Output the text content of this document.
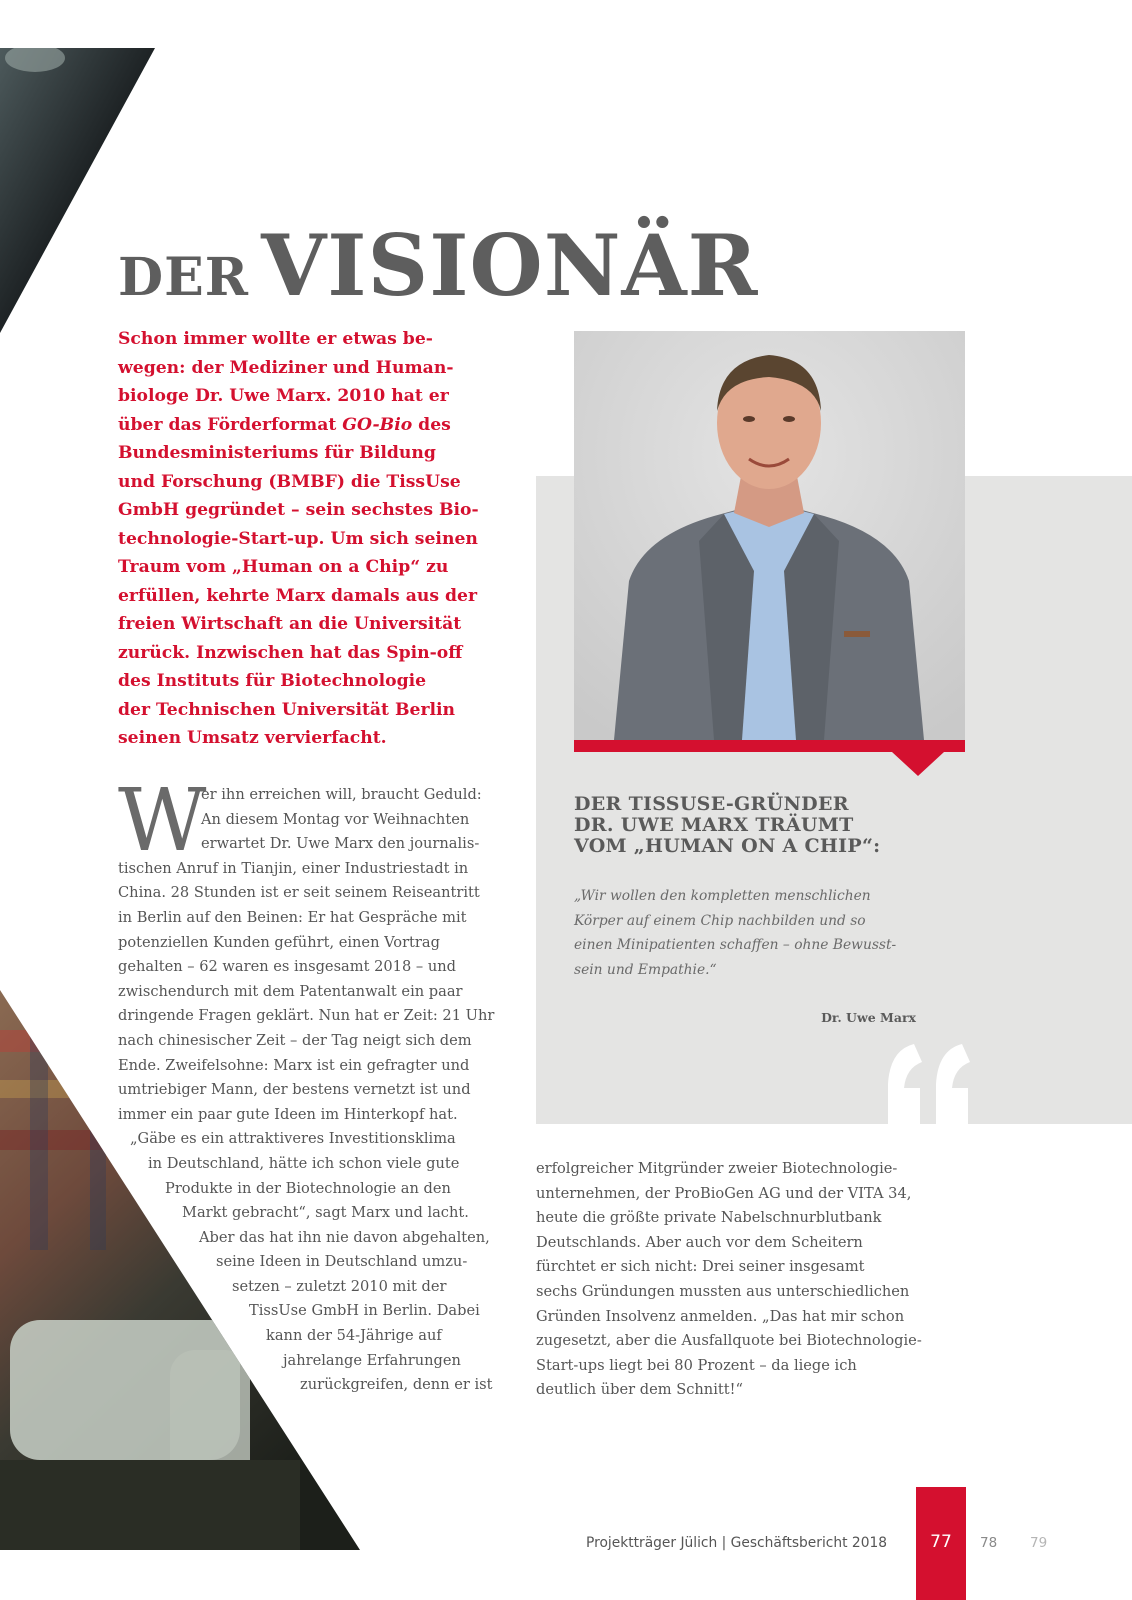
DER VISIONÄR

Schon immer wollte er etwas be-
wegen: der Mediziner und Human-
biologe Dr. Uwe Marx. 2010 hat er
über das Förderformat GO-Bio des
Bundesministeriums für Bildung
und Forschung (BMBF) die TissUse
GmbH gegründet – sein sechstes Bio-
technologie-Start-up. Um sich seinen
Traum vom „Human on a Chip“ zu
erfüllen, kehrte Marx damals aus der
freien Wirtschaft an die Universität
zurück. Inzwischen hat das Spin-off
des Instituts für Biotechnologie
der Technischen Universität Berlin
seinen Umsatz vervierfacht.

DER TISSUSE-GRÜNDER
DR. UWE MARX TRÄUMT
VOM „HUMAN ON A CHIP“:

„Wir wollen den kompletten menschlichen
Körper auf einem Chip nachbilden und so
einen Minipatienten schaffen – ohne Bewusst-
sein und Empathie.“

Dr. Uwe Marx
W

er ihn erreichen will, braucht Geduld:
An diesem Montag vor Weihnachten
erwartet Dr. Uwe Marx den journalis-
tischen Anruf in Tianjin, einer Industriestadt in
China. 28 Stunden ist er seit seinem Reiseantritt
in Berlin auf den Beinen: Er hat Gespräche mit
potenziellen Kunden geführt, einen Vortrag
gehalten – 62 waren es insgesamt 2018 – und
zwischendurch mit dem Patentanwalt ein paar
dringende Fragen geklärt. Nun hat er Zeit: 21 Uhr
nach chinesischer Zeit – der Tag neigt sich dem
Ende. Zweifelsohne: Marx ist ein gefragter und
umtriebiger Mann, der bestens vernetzt ist und
immer ein paar gute Ideen im Hinterkopf hat.
„Gäbe es ein attraktiveres Investitionsklima
in Deutschland, hätte ich schon viele gute
Produkte in der Biotechnologie an den
Markt gebracht“, sagt Marx und lacht.
Aber das hat ihn nie davon abgehalten,
seine Ideen in Deutschland umzu-
setzen – zuletzt 2010 mit der
TissUse GmbH in Berlin. Dabei
kann der 54-Jährige auf
jahrelange Erfahrungen
zurückgreifen, denn er ist

erfolgreicher Mitgründer zweier Biotechnologie-
unternehmen, der ProBioGen AG und der VITA 34,
heute die größte private Nabelschnurblutbank
Deutschlands. Aber auch vor dem Scheitern
fürchtet er sich nicht: Drei seiner insgesamt
sechs Gründungen mussten aus unterschiedlichen
Gründen Insolvenz anmelden. „Das hat mir schon
zugesetzt, aber die Ausfallquote bei Biotechnologie-
Start-ups liegt bei 80 Prozent – da liege ich
deutlich über dem Schnitt!“

Projektträger Jülich | Geschäftsbericht 2018	77	78 79
